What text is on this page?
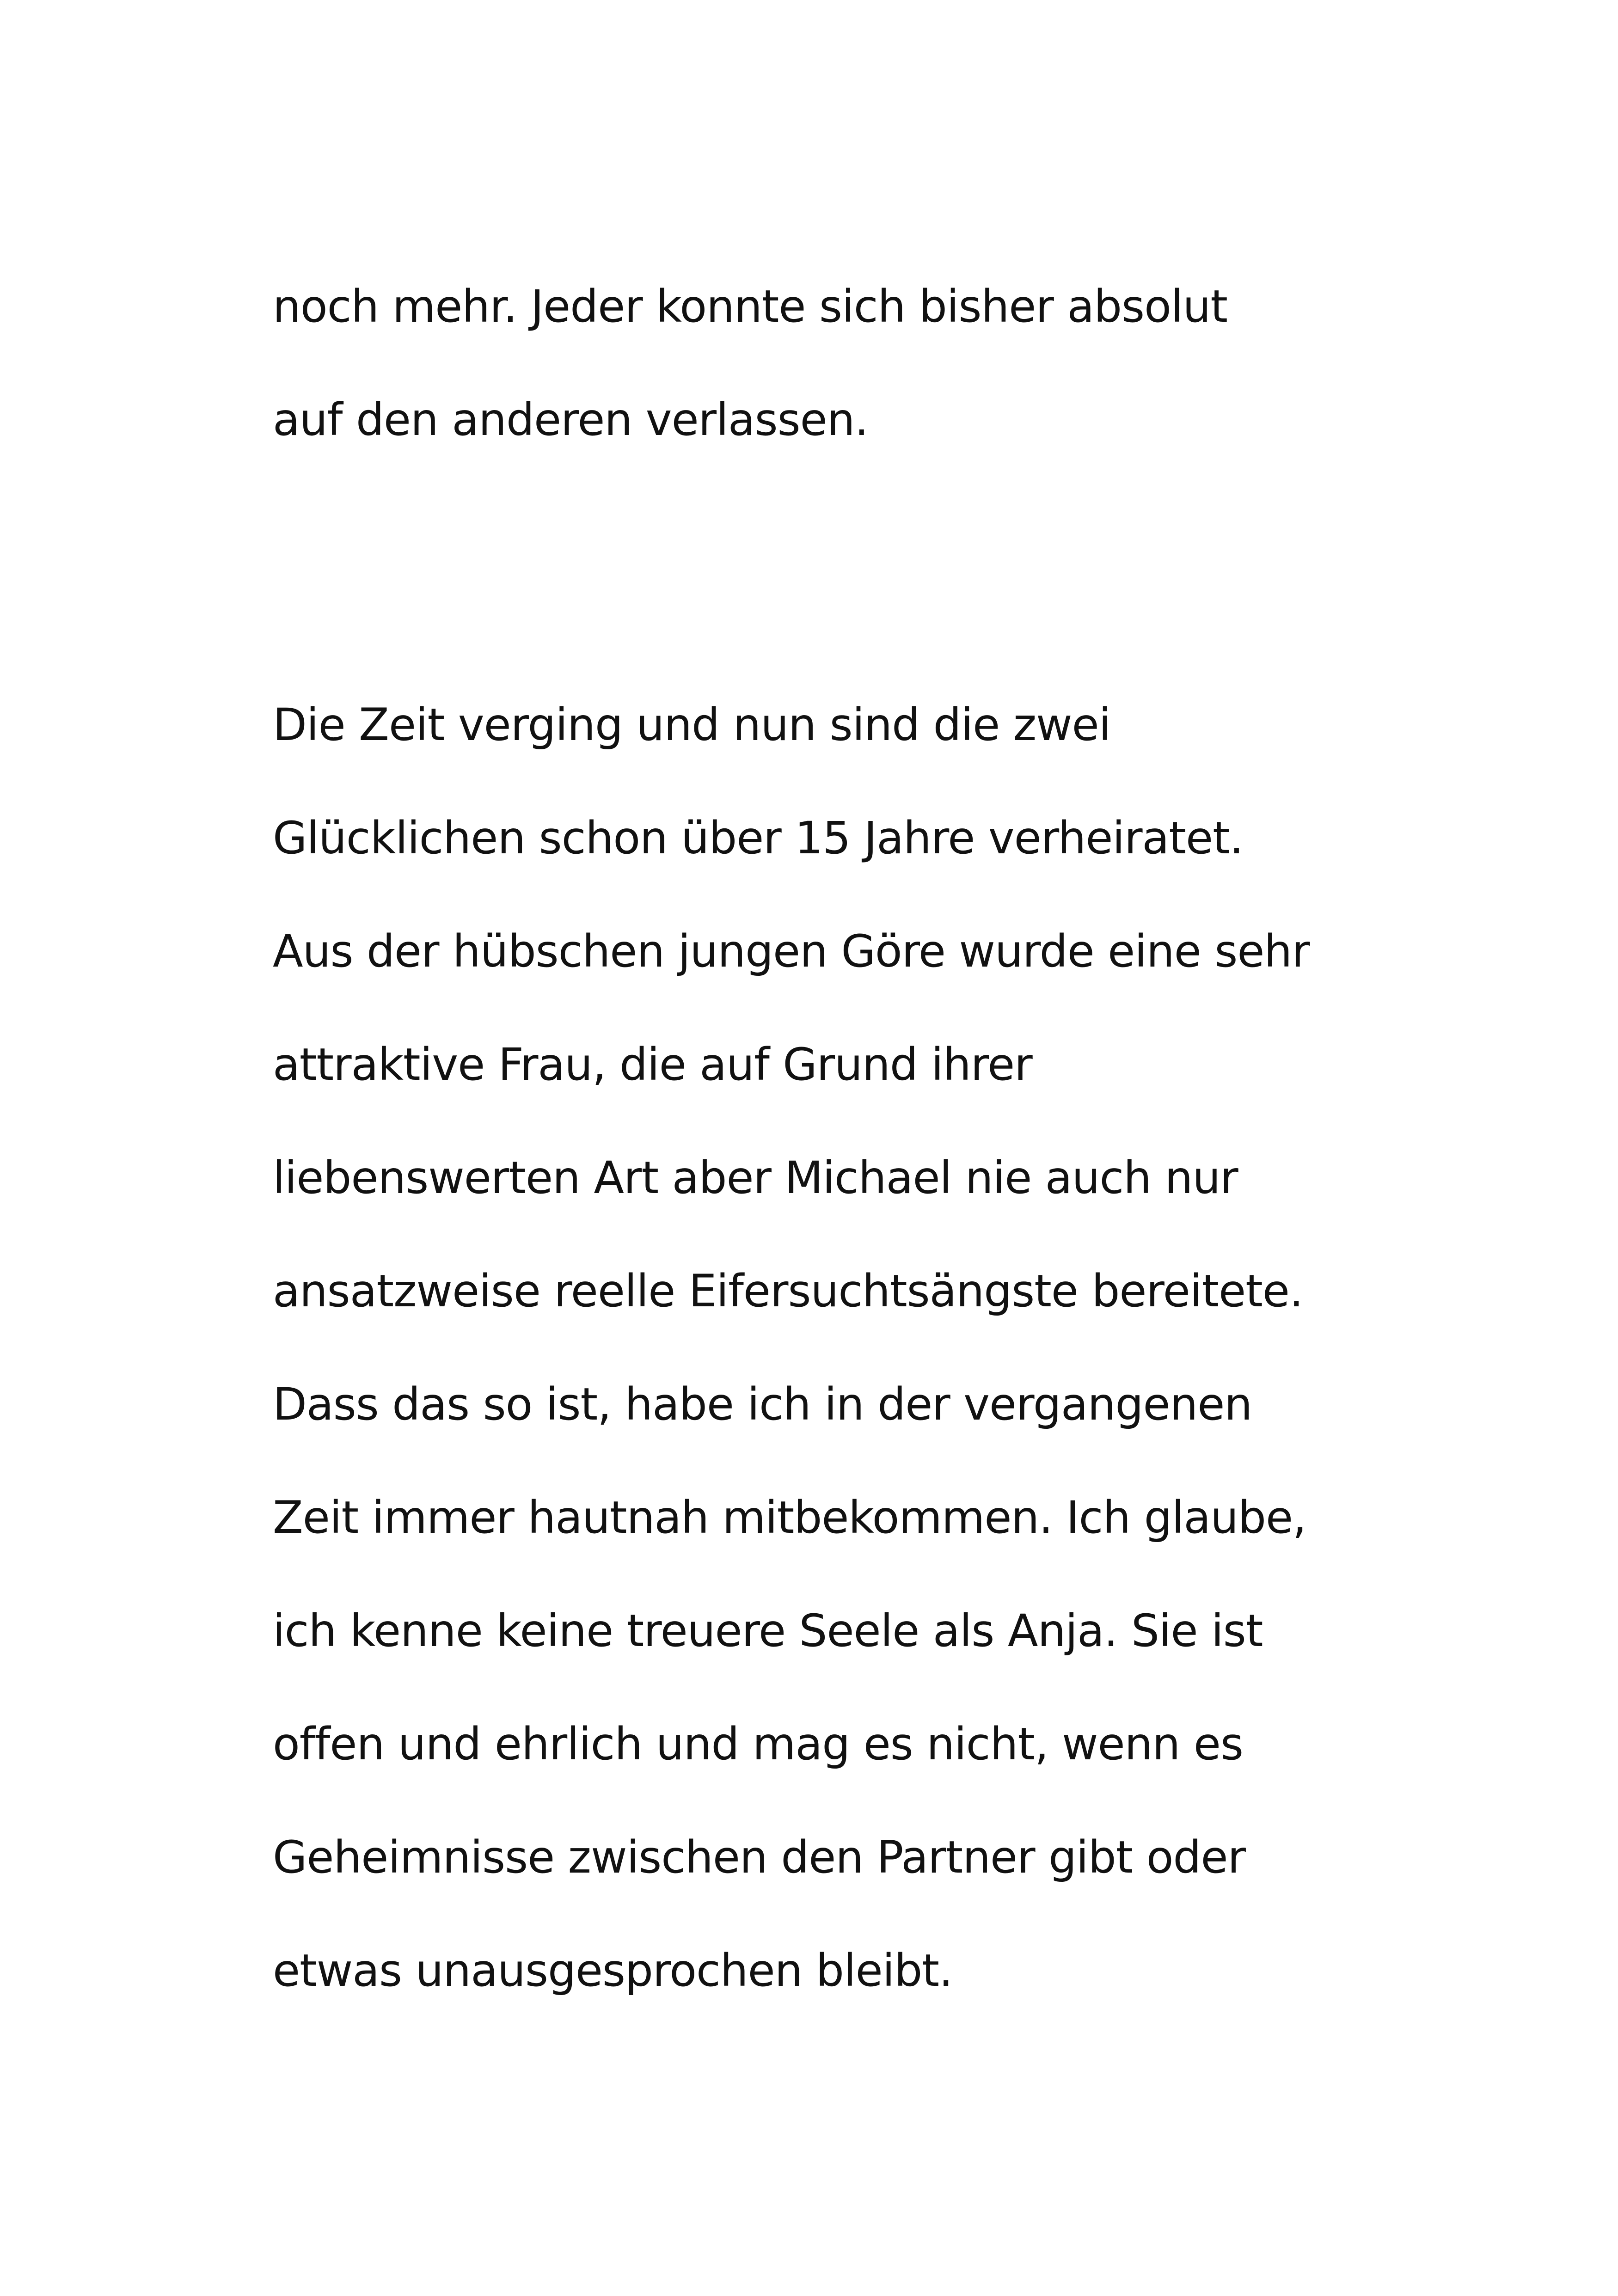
noch mehr. Jeder konnte sich bisher absolut
auf den anderen verlassen.

Die Zeit verging und nun sind die zwei
Glücklichen schon über 15 Jahre verheiratet.
Aus der hübschen jungen Göre wurde eine sehr
attraktive Frau, die auf Grund ihrer
liebenswerten Art aber Michael nie auch nur
ansatzweise reelle Eifersuchtsängste bereitete.
Dass das so ist, habe ich in der vergangenen
Zeit immer hautnah mitbekommen. Ich glaube,
ich kenne keine treuere Seele als Anja. Sie ist
offen und ehrlich und mag es nicht, wenn es
Geheimnisse zwischen den Partner gibt oder
etwas unausgesprochen bleibt.
